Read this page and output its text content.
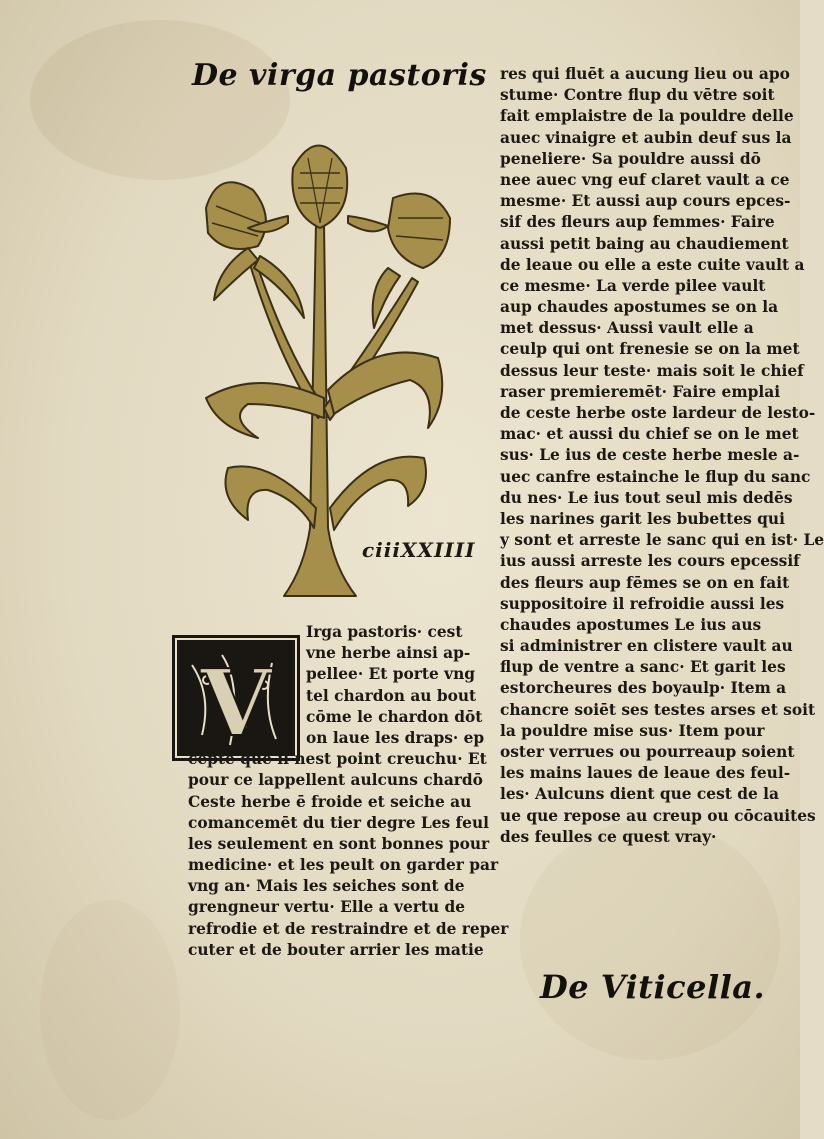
De virga pastoris
ciiiXXIIII
V
Irga pastoris· cest
vne herbe ainsi ap-
pellee· Et porte vng
tel chardon au bout
cōme le chardon dōt
on laue les draps· ep
cepte que il nest point creuchu· Et
pour ce lappellent aulcuns chardō
Ceste herbe ē froide et seiche au
comancemēt du tier degre Les feul
les seulement en sont bonnes pour
medicine· et les peult on garder par
vng an· Mais les seiches sont de
grengneur vertu· Elle a vertu de
refrodie et de restraindre et de reper
cuter et de bouter arrier les matie
res qui fluēt a aucung lieu ou apo
stume· Contre flup du vētre soit
fait emplaistre de la pouldre delle
auec vinaigre et aubin deuf sus la
peneliere· Sa pouldre aussi dō
nee auec vng euf claret vault a ce
mesme· Et aussi aup cours epces-
sif des fleurs aup femmes· Faire
aussi petit baing au chaudiement
de leaue ou elle a este cuite vault a
ce mesme· La verde pilee vault
aup chaudes apostumes se on la
met dessus· Aussi vault elle a
ceulp qui ont frenesie se on la met
dessus leur teste· mais soit le chief
raser premieremēt· Faire emplai
de ceste herbe oste lardeur de lesto-
mac· et aussi du chief se on le met
sus· Le ius de ceste herbe mesle a-
uec canfre estainche le flup du sanc
du nes· Le ius tout seul mis dedēs
les narines garit les bubettes qui
y sont et arreste le sanc qui en ist· Le
ius aussi arreste les cours epcessif
des fleurs aup fēmes se on en fait
suppositoire il refroidie aussi les
chaudes apostumes Le ius aus
si administrer en clistere vault au
flup de ventre a sanc· Et garit les
estorcheures des boyaulp· Item a
chancre soiēt ses testes arses et soit
la pouldre mise sus· Item pour
oster verrues ou pourreaup soient
les mains laues de leaue des feul-
les· Aulcuns dient que cest de la
ue que repose au creup ou cōcauites
des feulles ce quest vray·
De Viticella.
